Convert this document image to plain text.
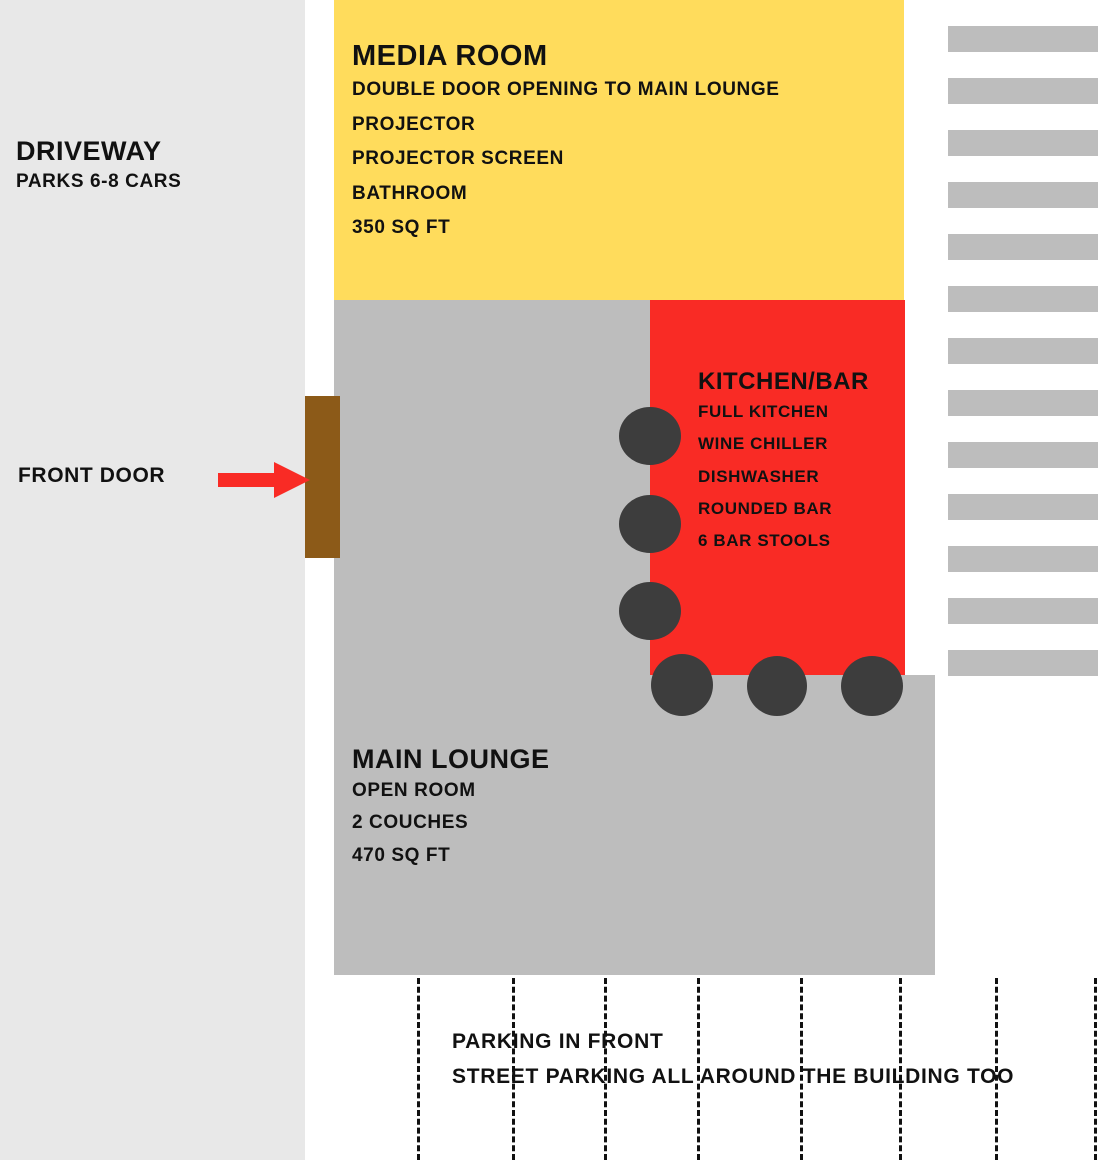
DRIVEWAY
PARKS 6-8 CARS
MEDIA ROOM
DOUBLE DOOR OPENING TO MAIN LOUNGE
PROJECTOR
PROJECTOR SCREEN
BATHROOM
350 SQ FT
KITCHEN/BAR
FULL KITCHEN
WINE CHILLER
DISHWASHER
ROUNDED BAR
6 BAR STOOLS
MAIN LOUNGE
OPEN ROOM
2 COUCHES
470 SQ FT
FRONT DOOR
PARKING IN FRONT
STREET PARKING ALL AROUND THE BUILDING TOO
